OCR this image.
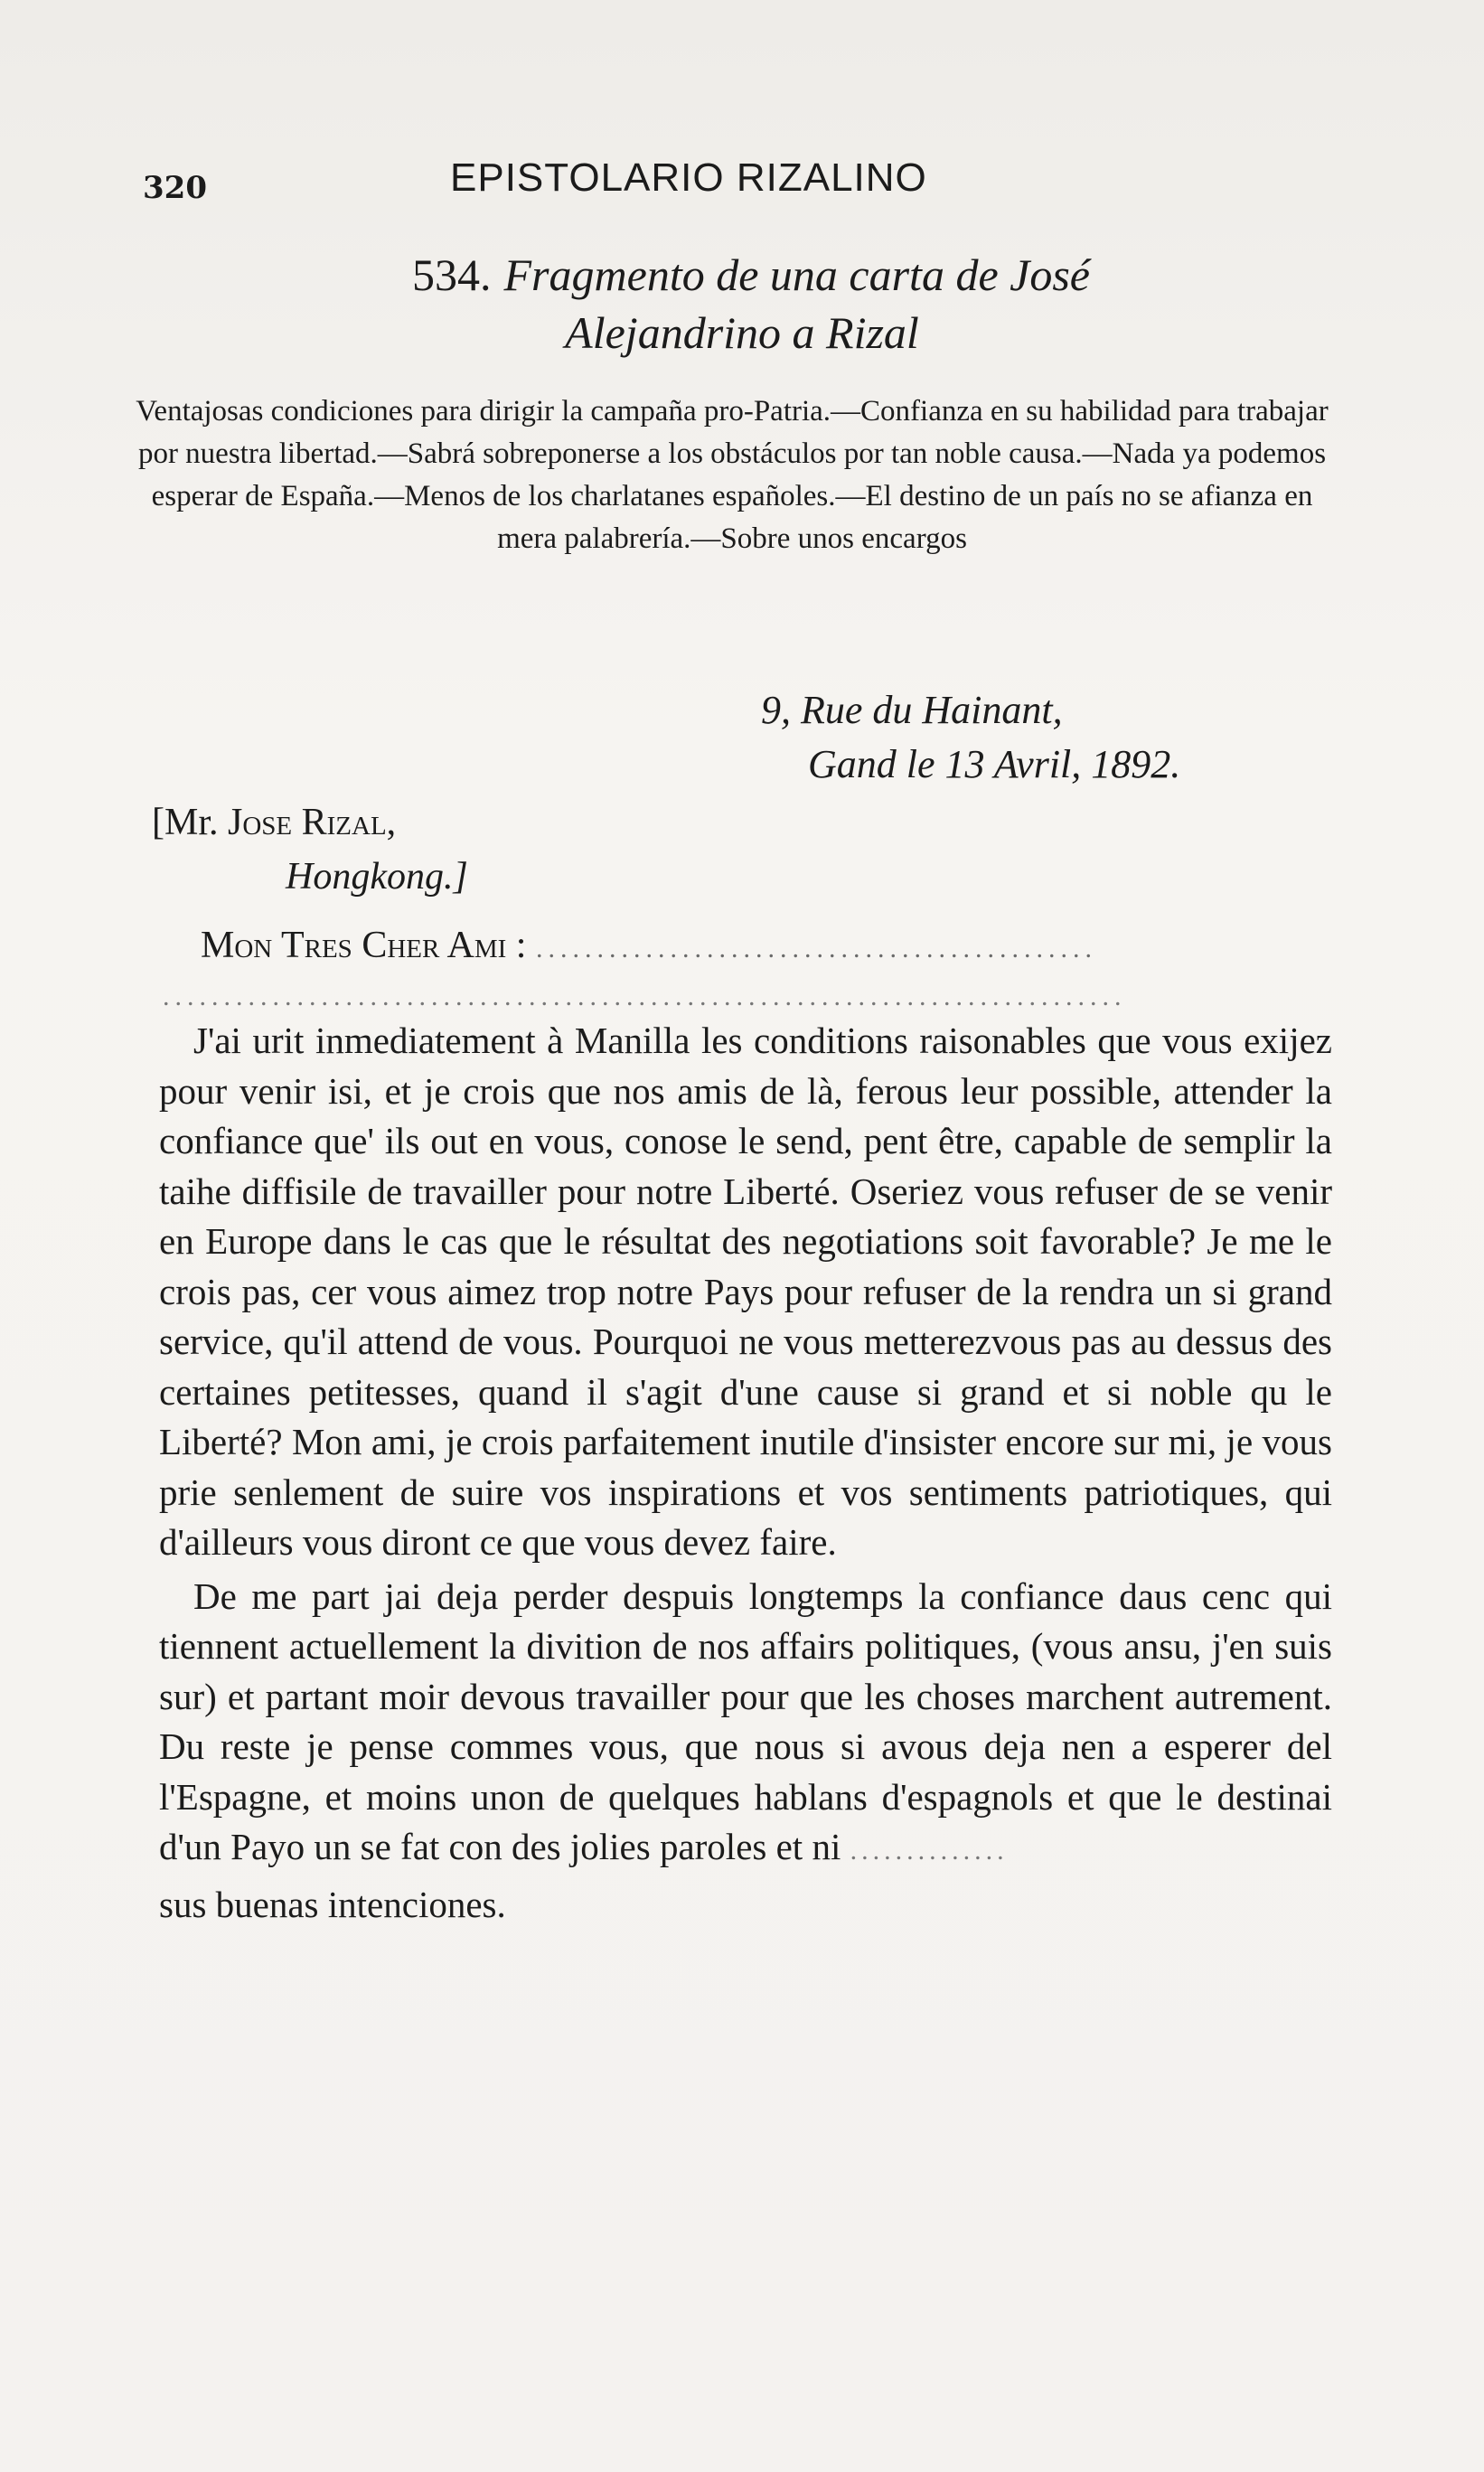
320	EPISTOLARIO RIZALINO
534. Fragmento de una carta de José
Alejandrino a Rizal
Ventajosas condiciones para dirigir la campaña pro-Patria.—Confianza en su habilidad para trabajar por nuestra libertad.—Sabrá sobreponerse a los obstáculos por tan noble causa.—Nada ya podemos esperar de España.—Menos de los charlatanes españoles.—El destino de un país no se afianza en mera palabrería.—Sobre unos encargos
9, Rue du Hainant,
Gand le 13 Avril, 1892.
[Mr. Jose Rizal,
Hongkong.]
Mon Tres Cher Ami : ..............................................
...............................................................................

J'ai urit inmediatement à Manilla les conditions raisonables que vous exijez pour venir isi, et je crois que nos amis de là, ferous leur possible, attender la confiance que' ils out en vous, conose le send, pent être, capable de semplir la taihe diffisile de travailler pour notre Liberté. Oseriez vous refuser de se venir en Europe dans le cas que le résultat des negotiations soit favorable? Je me le crois pas, cer vous aimez trop notre Pays pour refuser de la rendra un si grand service, qu'il attend de vous. Pourquoi ne vous metterezvous pas au dessus des certaines petitesses, quand il s'agit d'une cause si grand et si noble qu le Liberté? Mon ami, je crois parfaitement inutile d'insister encore sur mi, je vous prie senlement de suire vos inspirations et vos sentiments patriotiques, qui d'ailleurs vous diront ce que vous devez faire.

De me part jai deja perder despuis longtemps la confiance daus cenc qui tiennent actuellement la divition de nos affairs politiques, (vous ansu, j'en suis sur) et partant moir devous travailler pour que les choses marchent autrement. Du reste je pense commes vous, que nous si avous deja nen a esperer del l'Espagne, et moins unon de quelques hablans d'espagnols et que le destinai d'un Payo un se fat con des jolies paroles et ni ..............

sus buenas intenciones.
